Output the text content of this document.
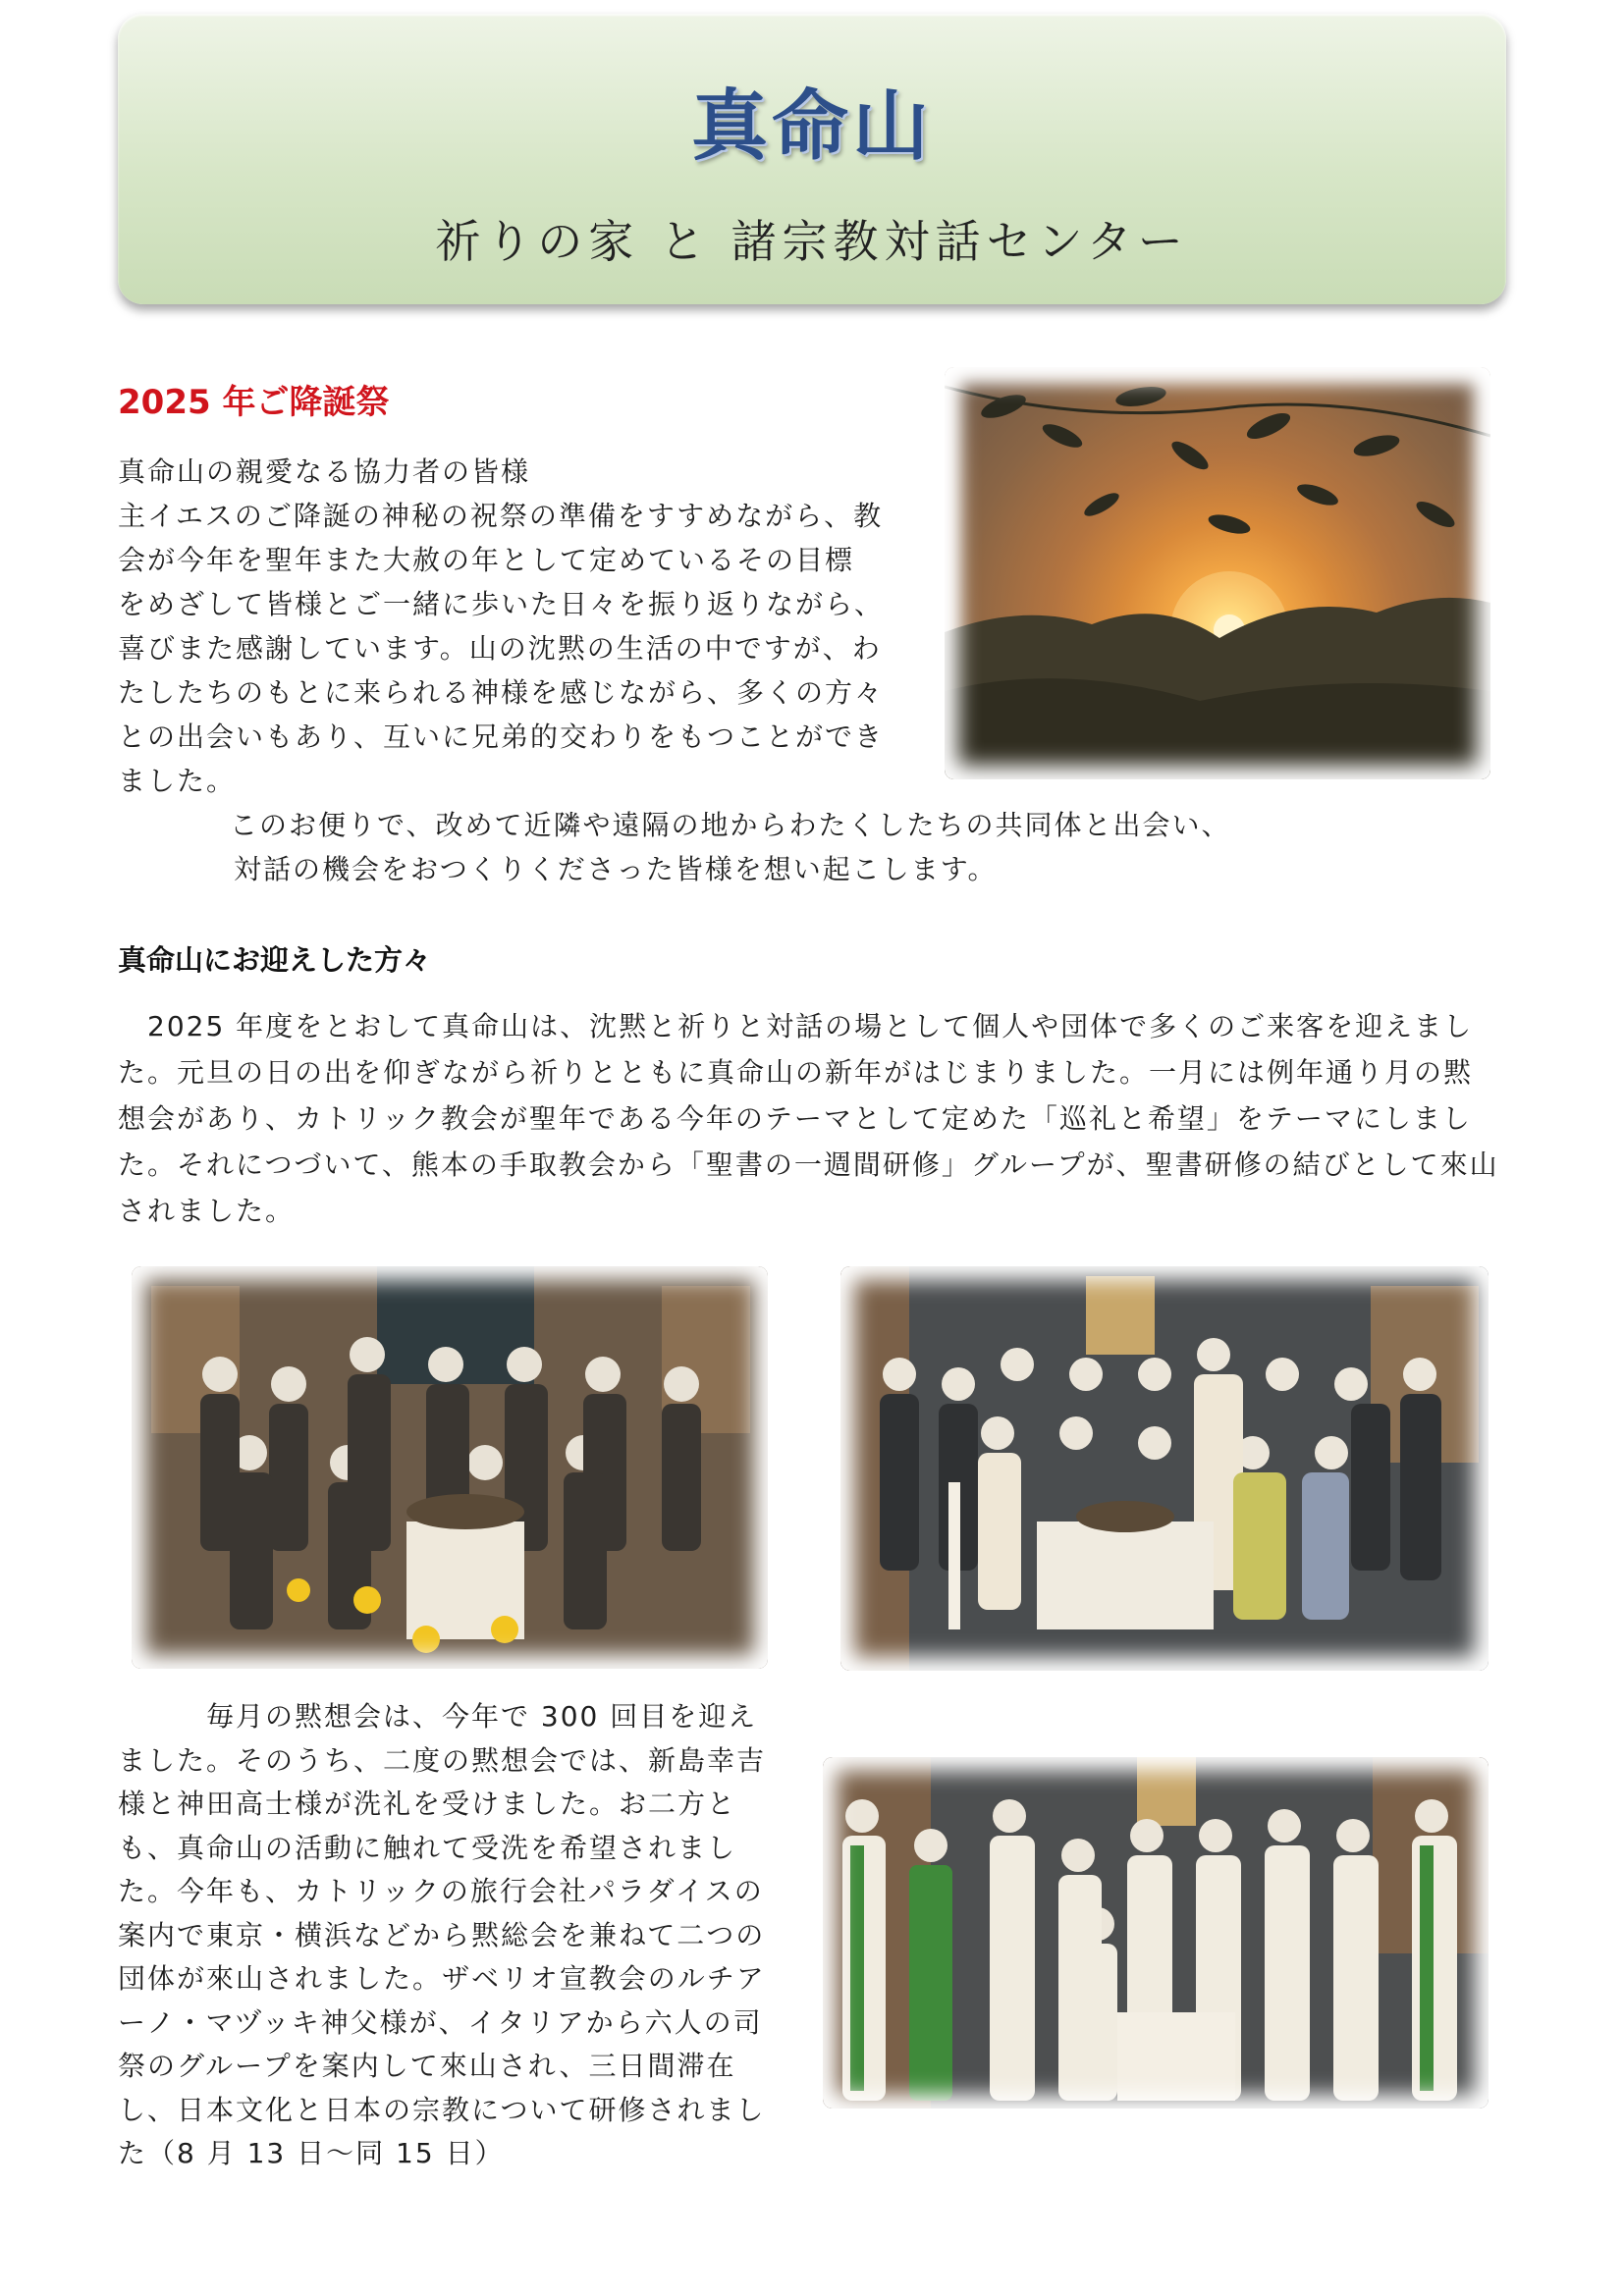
真命山
祈りの家 と 諸宗教対話センター
2025 年ご降誕祭
真命山の親愛なる協力者の皆様
主イエスのご降誕の神秘の祝祭の準備をすすめながら、教
会が今年を聖年また大赦の年として定めているその目標
をめざして皆様とご一緒に歩いた日々を振り返りながら、
喜びまた感謝しています。山の沈黙の生活の中ですが、わ
たしたちのもとに来られる神様を感じながら、多くの方々
との出会いもあり、互いに兄弟的交わりをもつことができ
ました。
このお便りで、改めて近隣や遠隔の地からわたくしたちの共同体と出会い、
対話の機会をおつくりくださった皆様を想い起こします。
真命山にお迎えした方々
　2025 年度をとおして真命山は、沈黙と祈りと対話の場として個人や団体で多くのご来客を迎えまし
た。元旦の日の出を仰ぎながら祈りとともに真命山の新年がはじまりました。一月には例年通り月の黙
想会があり、カトリック教会が聖年である今年のテーマとして定めた「巡礼と希望」をテーマにしまし
た。それにつづいて、熊本の手取教会から「聖書の一週間研修」グループが、聖書研修の結びとして來山
されました。
　　　毎月の黙想会は、今年で 300 回目を迎え
ました。そのうち、二度の黙想会では、新島幸吉
様と神田高士様が洗礼を受けました。お二方と
も、真命山の活動に触れて受洗を希望されまし
た。今年も、カトリックの旅行会社パラダイスの
案内で東京・横浜などから黙総会を兼ねて二つの
団体が來山されました。ザベリオ宣教会のルチア
ーノ・マヅッキ神父様が、イタリアから六人の司
祭のグループを案内して來山され、三日間滞在
し、日本文化と日本の宗教について研修されまし
た（8 月 13 日〜同 15 日）
